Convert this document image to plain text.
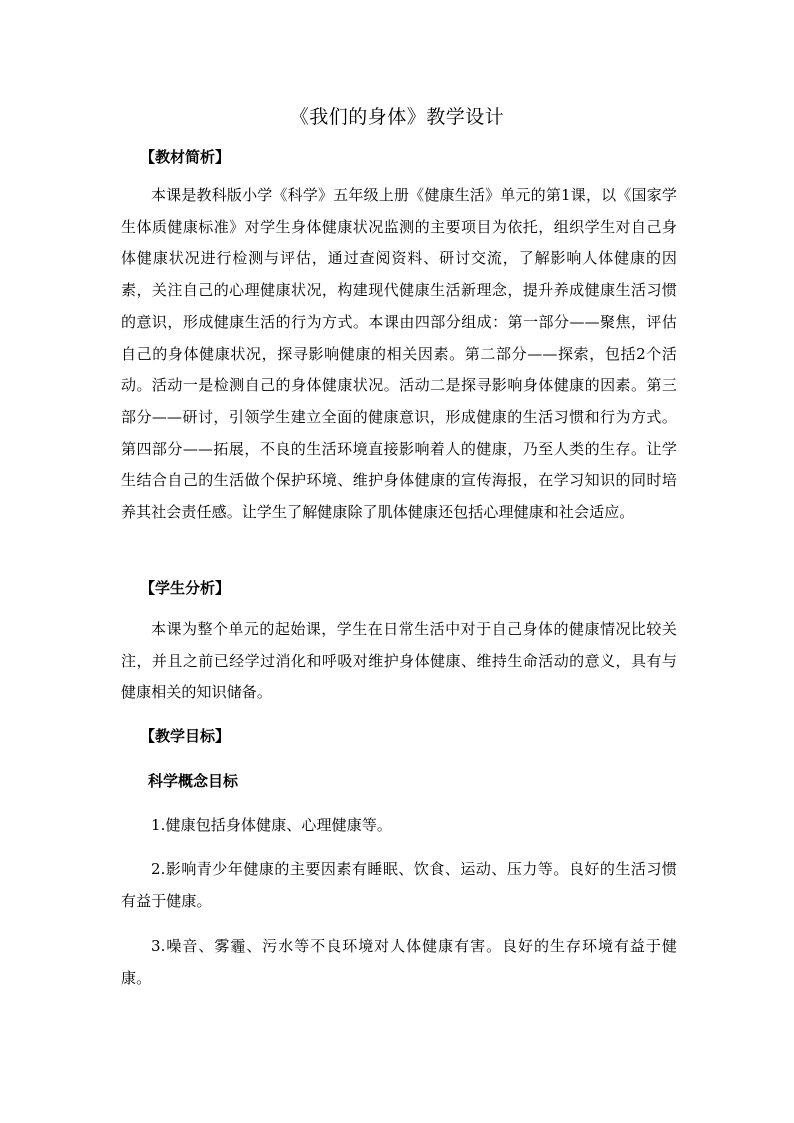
《我们的身体》教学设计
【教材简析】
本课是教科版小学《科学》五年级上册《健康生活》单元的第1课，以《国家学生体质健康标准》对学生身体健康状况监测的主要项目为依托，组织学生对自己身体健康状况进行检测与评估，通过查阅资料、研讨交流，了解影响人体健康的因素，关注自己的心理健康状况，构建现代健康生活新理念，提升养成健康生活习惯的意识，形成健康生活的行为方式。本课由四部分组成：第一部分——聚焦，评估自己的身体健康状况，探寻影响健康的相关因素。第二部分——探索，包括2个活动。活动一是检测自己的身体健康状况。活动二是探寻影响身体健康的因素。第三部分——研讨，引领学生建立全面的健康意识，形成健康的生活习惯和行为方式。第四部分——拓展，不良的生活环境直接影响着人的健康，乃至人类的生存。让学生结合自己的生活做个保护环境、维护身体健康的宣传海报，在学习知识的同时培养其社会责任感。让学生了解健康除了肌体健康还包括心理健康和社会适应。
【学生分析】
本课为整个单元的起始课，学生在日常生活中对于自己身体的健康情况比较关注，并且之前已经学过消化和呼吸对维护身体健康、维持生命活动的意义，具有与健康相关的知识储备。
【教学目标】
科学概念目标
1.健康包括身体健康、心理健康等。
2.影响青少年健康的主要因素有睡眠、饮食、运动、压力等。良好的生活习惯有益于健康。
3.噪音、雾霾、污水等不良环境对人体健康有害。良好的生存环境有益于健康。
